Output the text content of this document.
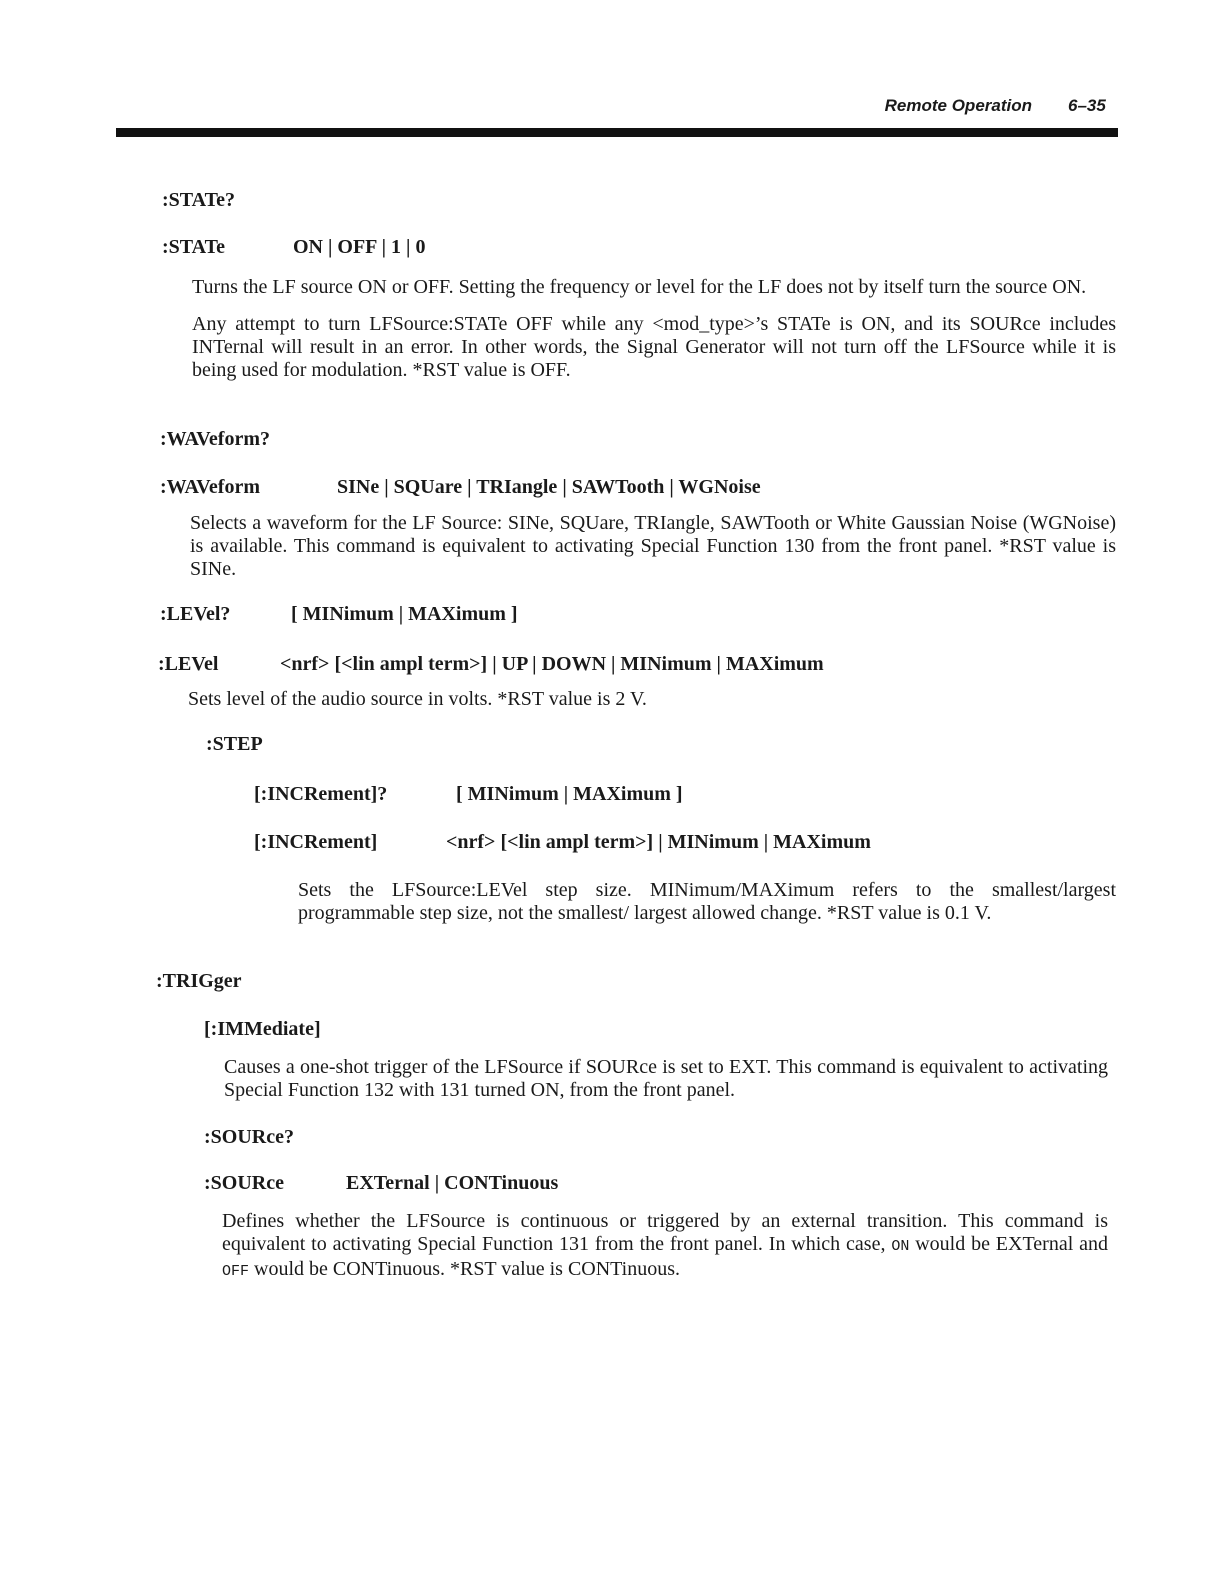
Remote Operation 6–35
:STATe?
:STATe	ON | OFF | 1 | 0

Turns the LF source ON or OFF. Setting the frequency or level for the LF does not by itself turn the source ON.

Any attempt to turn LFSource:STATe OFF while any <mod_type>’s STATe is ON, and its SOURce includes INTernal will result in an error. In other words, the Signal Generator will not turn off the LFSource while it is being used for modulation. *RST value is OFF.

:WAVeform?
:WAVeform	SINe | SQUare | TRIangle | SAWTooth | WGNoise

Selects a waveform for the LF Source: SINe, SQUare, TRIangle, SAWTooth or White Gaussian Noise (WGNoise) is available. This command is equivalent to activating Special Function 130 from the front panel. *RST value is SINe.

:LEVel?	[ MINimum | MAXimum ]
:LEVel	<nrf> [<lin ampl term>] | UP | DOWN | MINimum | MAXimum

Sets level of the audio source in volts. *RST value is 2 V.

:STEP
[:INCRement]?	[ MINimum | MAXimum ]
[:INCRement]	<nrf> [<lin ampl term>] | MINimum | MAXimum

Sets the LFSource:LEVel step size. MINimum/MAXimum refers to the smallest/largest programmable step size, not the smallest/ largest allowed change. *RST value is 0.1 V.

:TRIGger
[:IMMediate]

Causes a one-shot trigger of the LFSource if SOURce is set to EXT. This command is equivalent to activating Special Function 132 with 131 turned ON, from the front panel.

:SOURce?
:SOURce	EXTernal | CONTinuous

Defines whether the LFSource is continuous or triggered by an external transition. This command is equivalent to activating Special Function 131 from the front panel. In which case, ON would be EXTernal and OFF would be CONTinuous. *RST value is CONTinuous.
